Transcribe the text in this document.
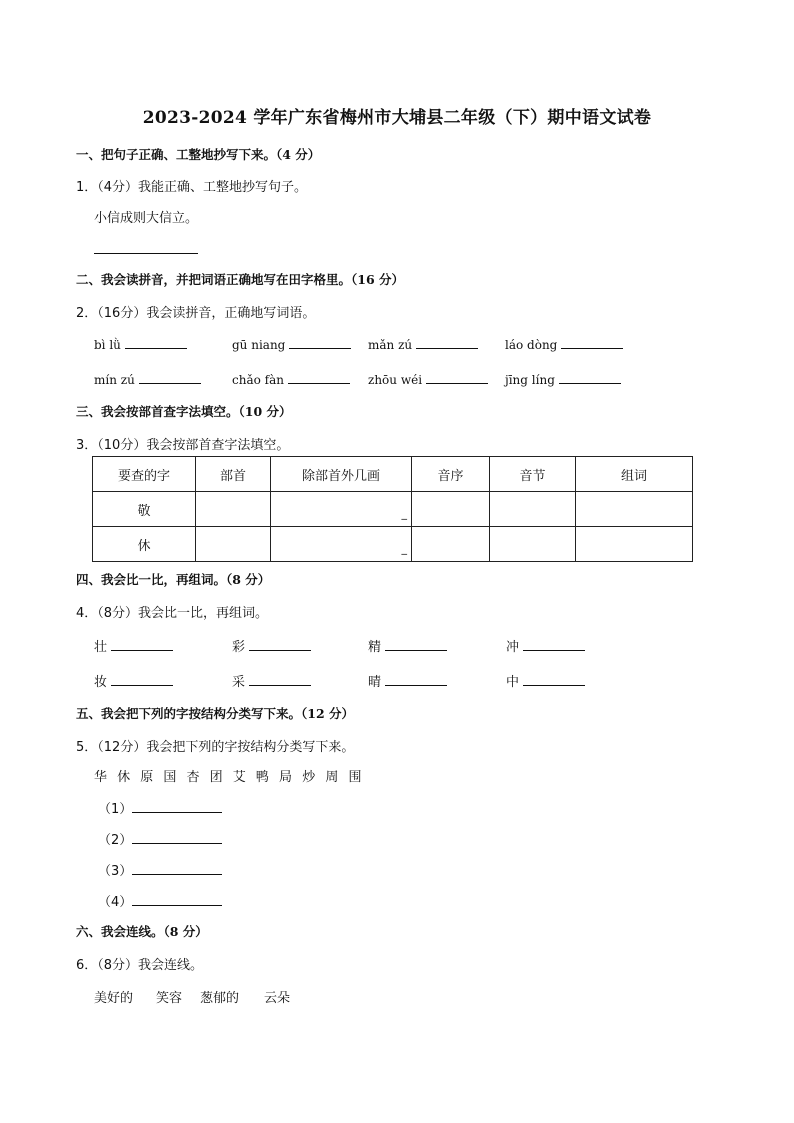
2023-2024 学年广东省梅州市大埔县二年级（下）期中语文试卷
一、把句子正确、工整地抄写下来。（4 分）
1．（4分）我能正确、工整地抄写句子。
小信成则大信立。
二、我会读拼音，并把词语正确地写在田字格里。（16 分）
2．（16分）我会读拼音，正确地写词语。
bì lǜ	gū niang	mǎn zú	láo dòng
mín zú	chǎo fàn	zhōu wéi	jīng líng
三、我会按部首查字法填空。（10 分）
3．（10分）我会按部首查字法填空。
要查的字	部首	除部首外几画	音序	音节	组词
敬		_			

休		_			

四、我会比一比，再组词。（8 分）
4．（8分）我会比一比，再组词。
壮	彩	精	冲
妆	采	晴	中
五、我会把下列的字按结构分类写下来。（12 分）
5．（12分）我会把下列的字按结构分类写下来。
华 休 原 国 杏 团 艾 鸭 局 炒 周 围
（1）
（2）
（3）
（4）
六、我会连线。（8 分）
6．（8分）我会连线。
美好的 笑容 葱郁的 云朵
